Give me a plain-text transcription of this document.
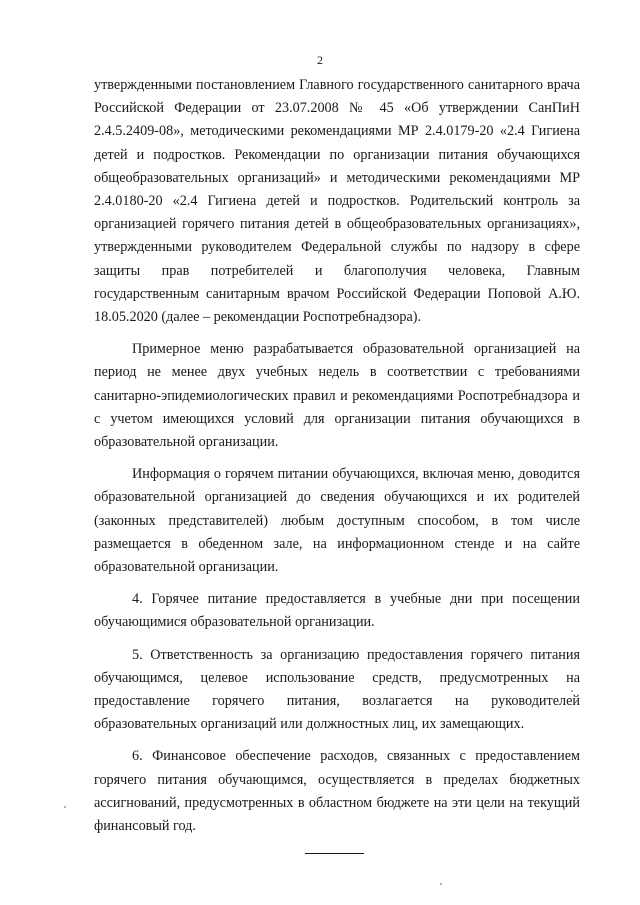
2

утвержденными постановлением Главного государственного санитарного врача Российской Федерации от 23.07.2008 № 45 «Об утверждении СанПиН 2.4.5.2409-08», методическими рекомендациями МР 2.4.0179-20 «2.4 Гигиена детей и подростков. Рекомендации по организации питания обучающихся общеобразовательных организаций» и методическими рекомендациями МР 2.4.0180-20 «2.4 Гигиена детей и подростков. Родительский контроль за организацией горячего питания детей в общеобразовательных организациях», утвержденными руководителем Федеральной службы по надзору в сфере защиты прав потребителей и благополучия человека, Главным государственным санитарным врачом Российской Федерации Поповой А.Ю. 18.05.2020 (далее – рекомендации Роспотребнадзора).

Примерное меню разрабатывается образовательной организацией на период не менее двух учебных недель в соответствии с требованиями санитарно-эпидемиологических правил и рекомендациями Роспотребнадзора и с учетом имеющихся условий для организации питания обучающихся в образовательной организации.

Информация о горячем питании обучающихся, включая меню, доводится образовательной организацией до сведения обучающихся и их родителей (законных представителей) любым доступным способом, в том числе размещается в обеденном зале, на информационном стенде и на сайте образовательной организации.

4. Горячее питание предоставляется в учебные дни при посещении обучающимися образовательной организации.

5. Ответственность за организацию предоставления горячего питания обучающимся, целевое использование средств, предусмотренных на предоставление горячего питания, возлагается на руководителей образовательных организаций или должностных лиц, их замещающих.

6. Финансовое обеспечение расходов, связанных с предоставлением горячего питания обучающимся, осуществляется в пределах бюджетных ассигнований, предусмотренных в областном бюджете на эти цели на текущий финансовый год.
